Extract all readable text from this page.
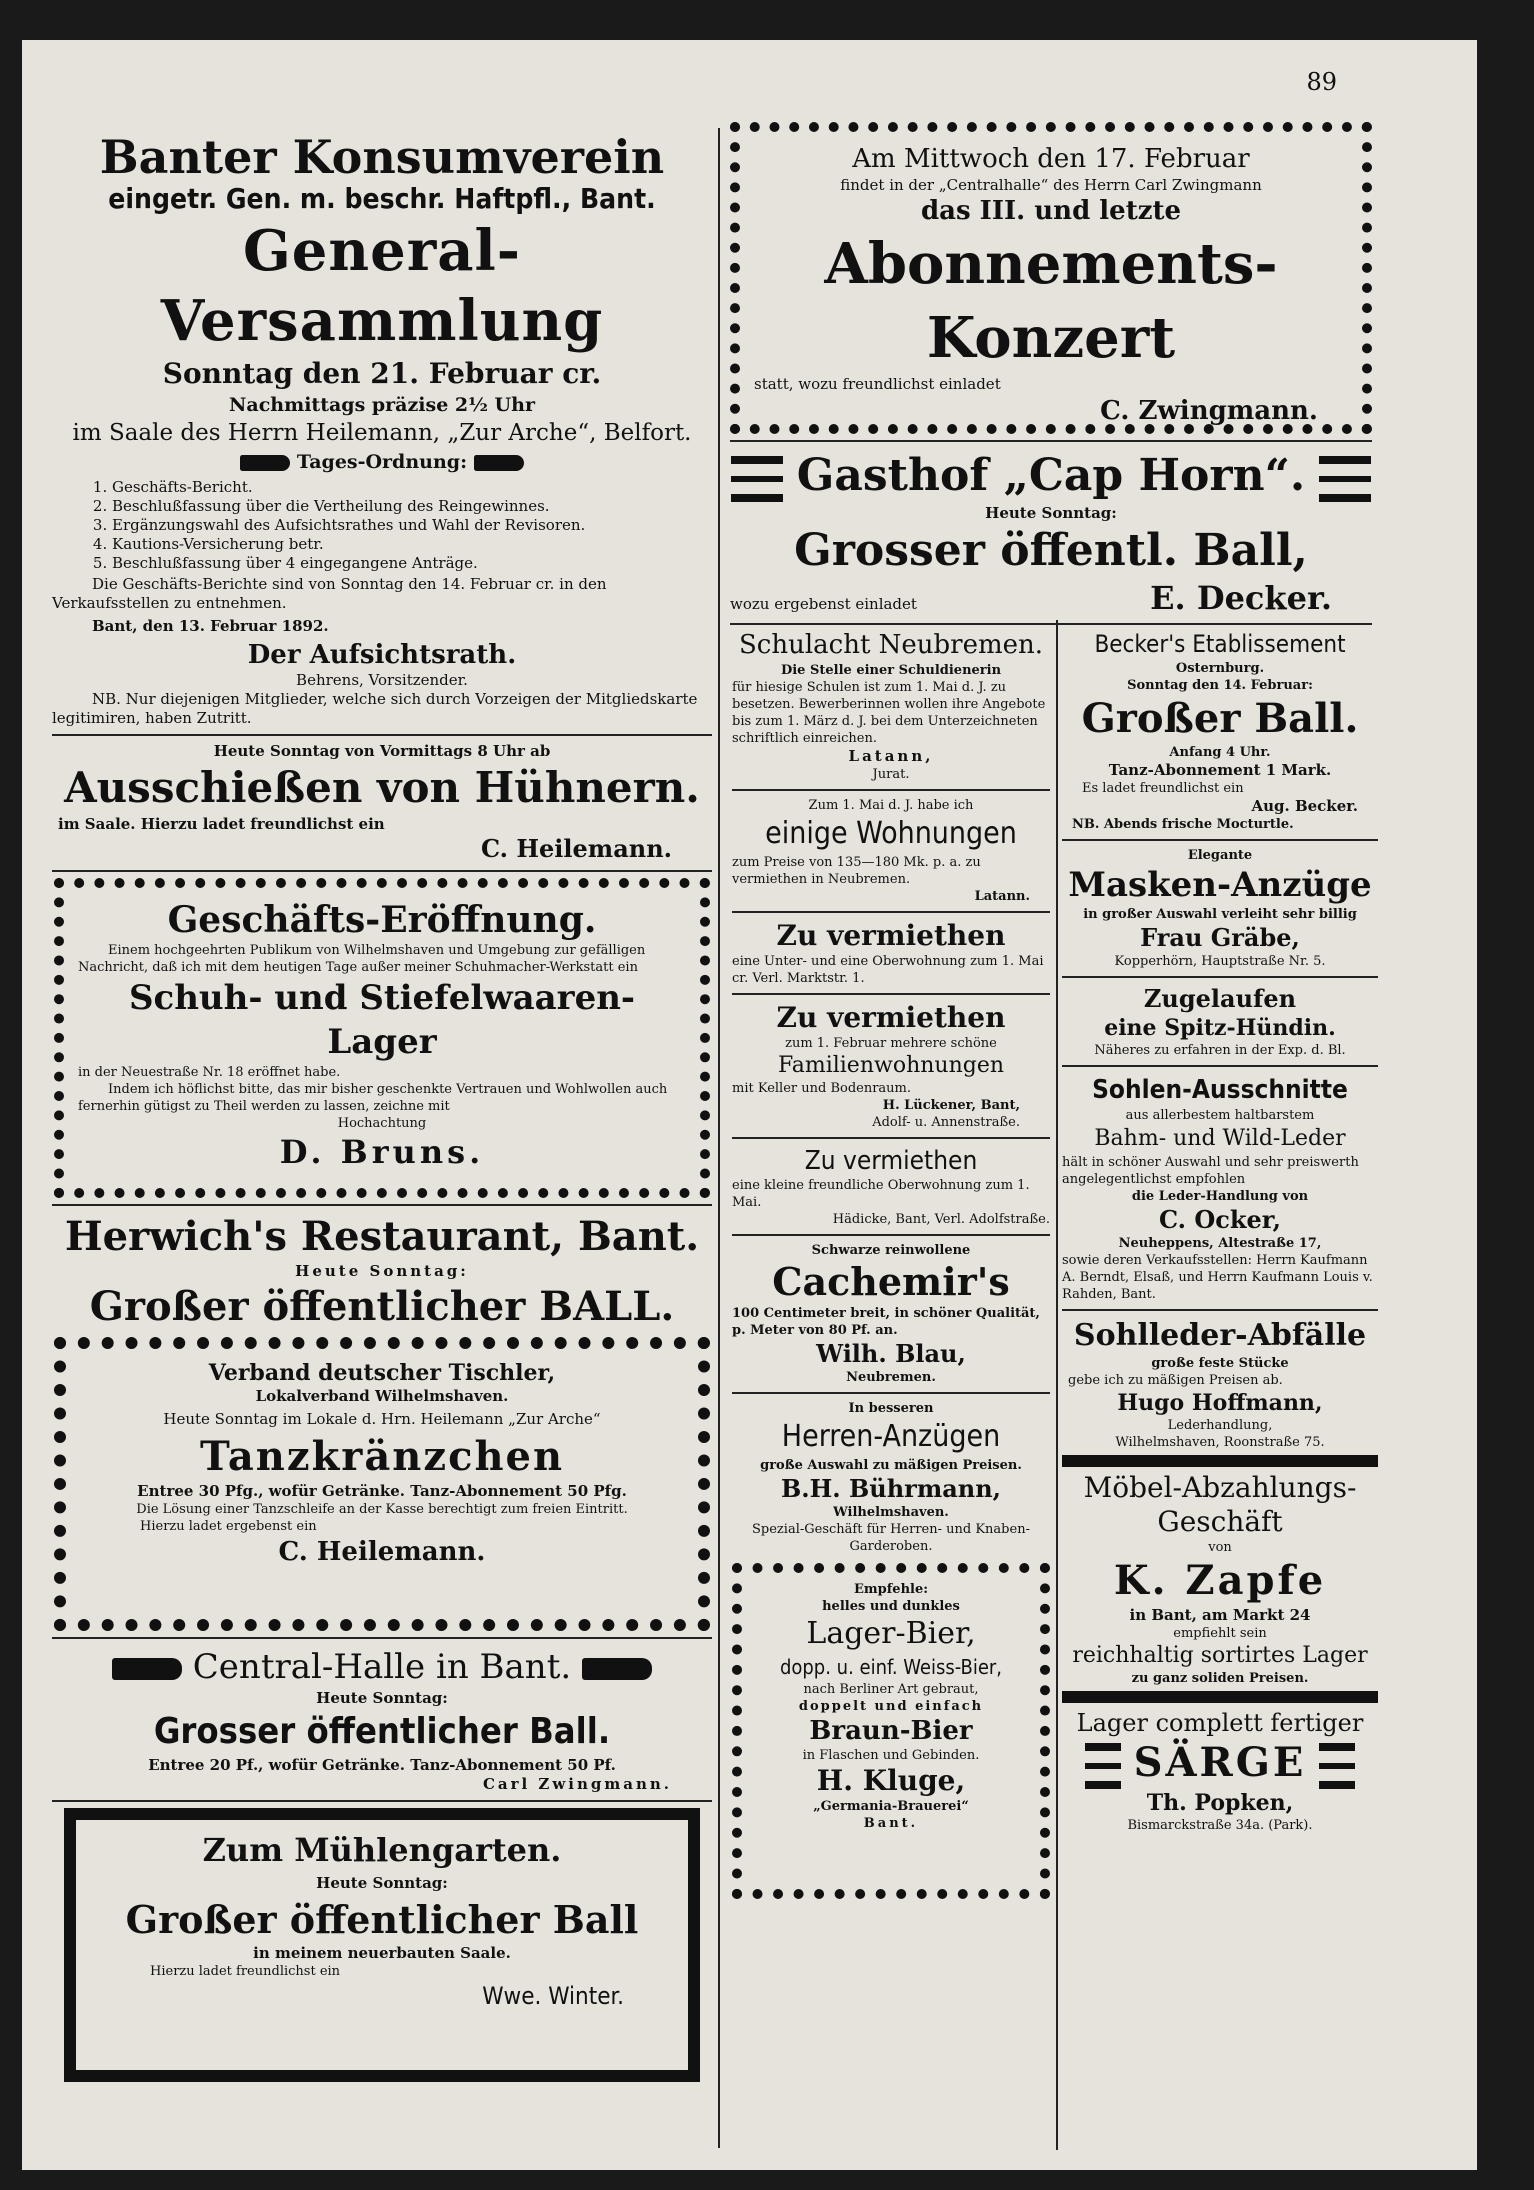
89
Banter Konsumverein
eingetr. Gen. m. beschr. Haftpfl., Bant.
General-Versammlung
Sonntag den 21. Februar cr.
Nachmittags präzise 2½ Uhr
im Saale des Herrn Heilemann, „Zur Arche“, Belfort.
Tages-Ordnung:
1. Geschäfts-Bericht.
2. Beschlußfassung über die Vertheilung des Reingewinnes.
3. Ergänzungswahl des Aufsichtsrathes und Wahl der Revisoren.
4. Kautions-Versicherung betr.
5. Beschlußfassung über 4 eingegangene Anträge.

Die Geschäfts-Berichte sind von Sonntag den 14. Februar cr. in den Verkaufsstellen zu entnehmen.

Bant, den 13. Februar 1892.

Der Aufsichtsrath.
Behrens, Vorsitzender.

NB. Nur diejenigen Mitglieder, welche sich durch Vorzeigen der Mitgliedskarte legitimiren, haben Zutritt.

Heute Sonntag von Vormittags 8 Uhr ab
Ausschießen von Hühnern.
im Saale. Hierzu ladet freundlichst ein
C. Heilemann.
Geschäfts-Eröffnung.

Einem hochgeehrten Publikum von Wilhelmshaven und Umgebung zur gefälligen Nachricht, daß ich mit dem heutigen Tage außer meiner Schuhmacher-Werkstatt ein

Schuh- und Stiefelwaaren-Lager

in der Neuestraße Nr. 18 eröffnet habe.

Indem ich höflichst bitte, das mir bisher geschenkte Vertrauen und Wohlwollen auch fernerhin gütigst zu Theil werden zu lassen, zeichne mit

Hochachtung
D. Bruns.
Herwich's Restaurant, Bant.
Heute Sonntag:
Großer öffentlicher BALL.
Verband deutscher Tischler,
Lokalverband Wilhelmshaven.
Heute Sonntag im Lokale d. Hrn. Heilemann „Zur Arche“
Tanzkränzchen
Entree 30 Pfg., wofür Getränke. Tanz-Abonnement 50 Pfg.
Die Lösung einer Tanzschleife an der Kasse berechtigt zum freien Eintritt.
Hierzu ladet ergebenst ein
C. Heilemann.
Central-Halle in Bant.
Heute Sonntag:
Grosser öffentlicher Ball.
Entree 20 Pf., wofür Getränke. Tanz-Abonnement 50 Pf.
Carl Zwingmann.
Zum Mühlengarten.
Heute Sonntag:
Großer öffentlicher Ball
in meinem neuerbauten Saale.
Hierzu ladet freundlichst ein
Wwe. Winter.
Am Mittwoch den 17. Februar
findet in der „Centralhalle“ des Herrn Carl Zwingmann
das III. und letzte
Abonnements-Konzert
statt, wozu freundlichst einladet
C. Zwingmann.
Gasthof „Cap Horn“.
Heute Sonntag:
Grosser öffentl. Ball,
wozu ergebenst einladet	E. Decker.
Schulacht Neubremen.
Die Stelle einer Schuldienerin

für hiesige Schulen ist zum 1. Mai d. J. zu besetzen. Bewerberinnen wollen ihre Angebote bis zum 1. März d. J. bei dem Unterzeichneten schriftlich einreichen.

Latann,
Jurat.
Zum 1. Mai d. J. habe ich
einige Wohnungen

zum Preise von 135—180 Mk. p. a. zu vermiethen in Neubremen.

Latann.
Zu vermiethen

eine Unter- und eine Oberwohnung zum 1. Mai cr. Verl. Marktstr. 1.

Zu vermiethen
zum 1. Februar mehrere schöne
Familienwohnungen
mit Keller und Bodenraum.
H. Lückener, Bant,
Adolf- u. Annenstraße.
Zu vermiethen

eine kleine freundliche Oberwohnung zum 1. Mai.

Hädicke, Bant, Verl. Adolfstraße.
Schwarze reinwollene
Cachemir's

100 Centimeter breit, in schöner Qualität, p. Meter von 80 Pf. an.

Wilh. Blau,
Neubremen.
In besseren
Herren-Anzügen
große Auswahl zu mäßigen Preisen.
B.H. Bührmann,
Wilhelmshaven.
Spezial-Geschäft für Herren- und Knaben-Garderoben.
Empfehle:
helles und dunkles
Lager-Bier,
dopp. u. einf. Weiss-Bier,
nach Berliner Art gebraut,
doppelt und einfach
Braun-Bier
in Flaschen und Gebinden.
H. Kluge,
„Germania-Brauerei“
Bant.
Becker's Etablissement
Osternburg.
Sonntag den 14. Februar:
Großer Ball.
Anfang 4 Uhr.
Tanz-Abonnement 1 Mark.
Es ladet freundlichst ein
Aug. Becker.
NB. Abends frische Mocturtle.
Elegante
Masken-Anzüge
in großer Auswahl verleiht sehr billig
Frau Gräbe,
Kopperhörn, Hauptstraße Nr. 5.
Zugelaufen
eine Spitz-Hündin.
Näheres zu erfahren in der Exp. d. Bl.
Sohlen-Ausschnitte
aus allerbestem haltbarstem
Bahm- und Wild-Leder

hält in schöner Auswahl und sehr preiswerth angelegentlichst empfohlen

die Leder-Handlung von
C. Ocker,
Neuheppens, Altestraße 17,

sowie deren Verkaufsstellen: Herrn Kaufmann A. Berndt, Elsaß, und Herrn Kaufmann Louis v. Rahden, Bant.

Sohlleder-Abfälle
große feste Stücke
gebe ich zu mäßigen Preisen ab.
Hugo Hoffmann,
Lederhandlung,
Wilhelmshaven, Roonstraße 75.
Möbel-Abzahlungs-Geschäft
von
K. Zapfe
in Bant, am Markt 24
empfiehlt sein
reichhaltig sortirtes Lager
zu ganz soliden Preisen.
Lager complett fertiger
SÄRGE
Th. Popken,
Bismarckstraße 34a. (Park).
